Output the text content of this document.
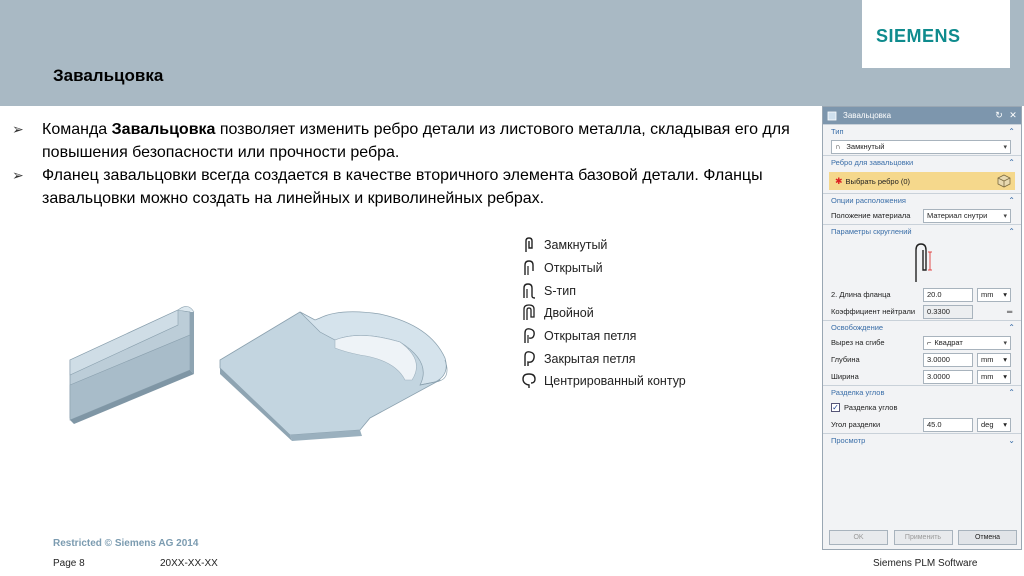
Завальцовка
SIEMENS
➢ Команда Завальцовка позволяет изменить ребро детали из листового металла, складывая его для повышения безопасности или прочности ребра.
➢ Фланец завальцовки всегда создается в качестве вторичного элемента базовой детали. Фланцы завальцовки можно создать на линейных и криволинейных ребрах.
Замкнутый
Открытый
S-тип
Двойной
Открытая петля
Закрытая петля
Центрированный контур
Завальцовка	↻ ✕
Тип	⌃
∩ Замкнутый	▾
Ребро для завальцовки	⌃
✱ Выбрать ребро (0)
Опции расположения	⌃
Положение материала	Материал снутри ▾
Параметры скруглений	⌃
2. Длина фланца	20.0	mm ▾
Коэффициент нейтрали	0.3300	═
Освобождение	⌃
Вырез на сгибе	⌐ Квадрат	▾
Глубина	3.0000	mm ▾
Ширина	3.0000	mm ▾
Разделка углов	⌃
✓ Разделка углов
Угол разделки	45.0	deg ▾
Просмотр	⌄
OK	Применить	Отмена
Restricted © Siemens AG 2014
Page 8	20XX-XX-XX	Siemens PLM Software
